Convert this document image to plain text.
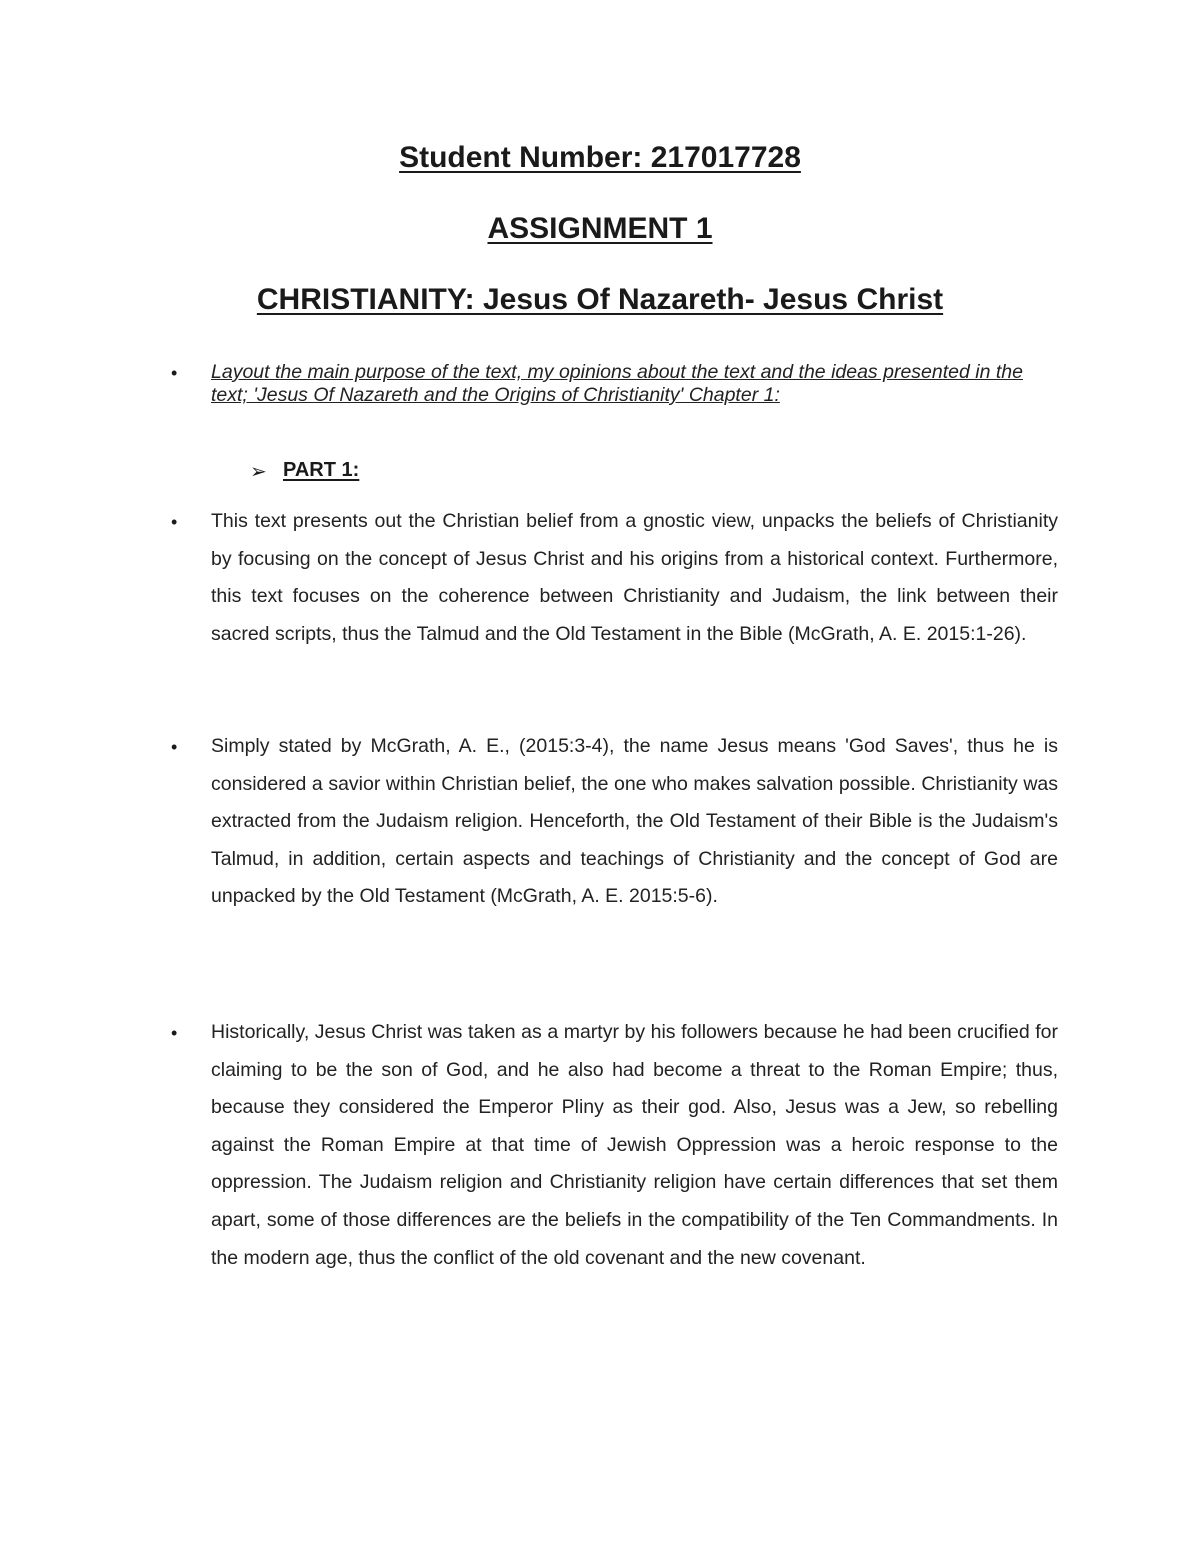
Student Number: 217017728
ASSIGNMENT 1
CHRISTIANITY: Jesus Of Nazareth- Jesus Christ
• Layout the main purpose of the text, my opinions about the text and the ideas presented in the text; 'Jesus Of Nazareth and the Origins of Christianity' Chapter 1:
➢ PART 1:
• This text presents out the Christian belief from a gnostic view, unpacks the beliefs of Christianity by focusing on the concept of Jesus Christ and his origins from a historical context. Furthermore, this text focuses on the coherence between Christianity and Judaism, the link between their sacred scripts, thus the Talmud and the Old Testament in the Bible (McGrath, A. E. 2015:1-26).
• Simply stated by McGrath, A. E., (2015:3-4), the name Jesus means 'God Saves', thus he is considered a savior within Christian belief, the one who makes salvation possible. Christianity was extracted from the Judaism religion. Henceforth, the Old Testament of their Bible is the Judaism's Talmud, in addition, certain aspects and teachings of Christianity and the concept of God are unpacked by the Old Testament (McGrath, A. E. 2015:5-6).
• Historically, Jesus Christ was taken as a martyr by his followers because he had been crucified for claiming to be the son of God, and he also had become a threat to the Roman Empire; thus, because they considered the Emperor Pliny as their god. Also, Jesus was a Jew, so rebelling against the Roman Empire at that time of Jewish Oppression was a heroic response to the oppression. The Judaism religion and Christianity religion have certain differences that set them apart, some of those differences are the beliefs in the compatibility of the Ten Commandments. In the modern age, thus the conflict of the old covenant and the new covenant.
